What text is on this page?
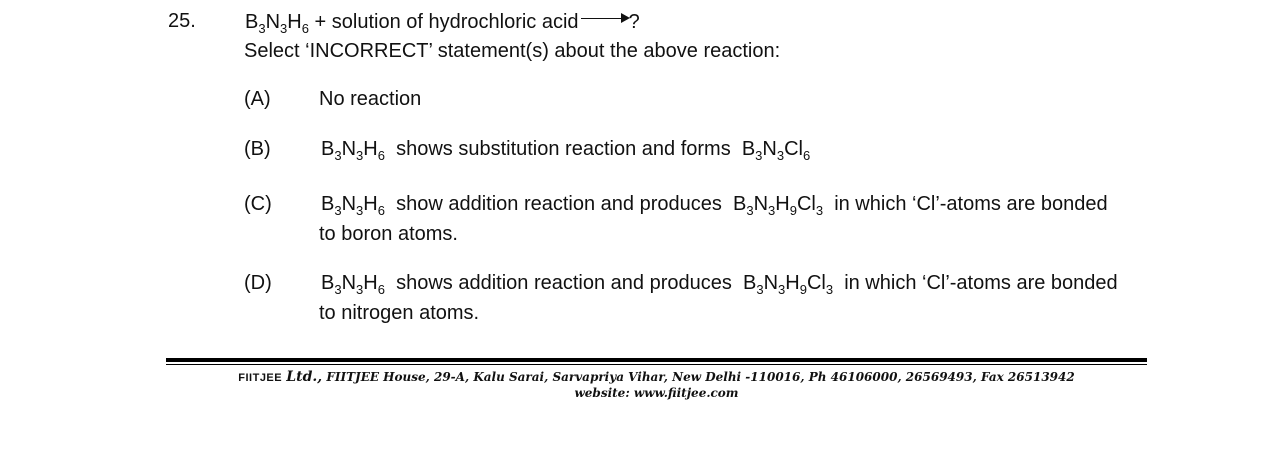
25. $B_3N_3H_6$ + solution of hydrochloric acid	?
Select ‘INCORRECT’ statement(s) about the above reaction:
(A) No reaction
(B)	$B_3N_3H_6$ shows substitution reaction and forms $B_3N_3Cl_6$
(C) $B_3N_3H_6$ show addition reaction and produces $B_3N_3H_9Cl_3$ in which ‘Cl’-atoms are bonded
to boron atoms.
(D) $B_3N_3H_6$ shows addition reaction and produces $B_3N_3H_9Cl_3$ in which ‘Cl’-atoms are bonded
to nitrogen atoms.
FIITJEE Ltd., FIITJEE House, 29-A, Kalu Sarai, Sarvapriya Vihar, New Delhi -110016, Ph 46106000, 26569493, Fax 26513942
website: www.fiitjee.com
